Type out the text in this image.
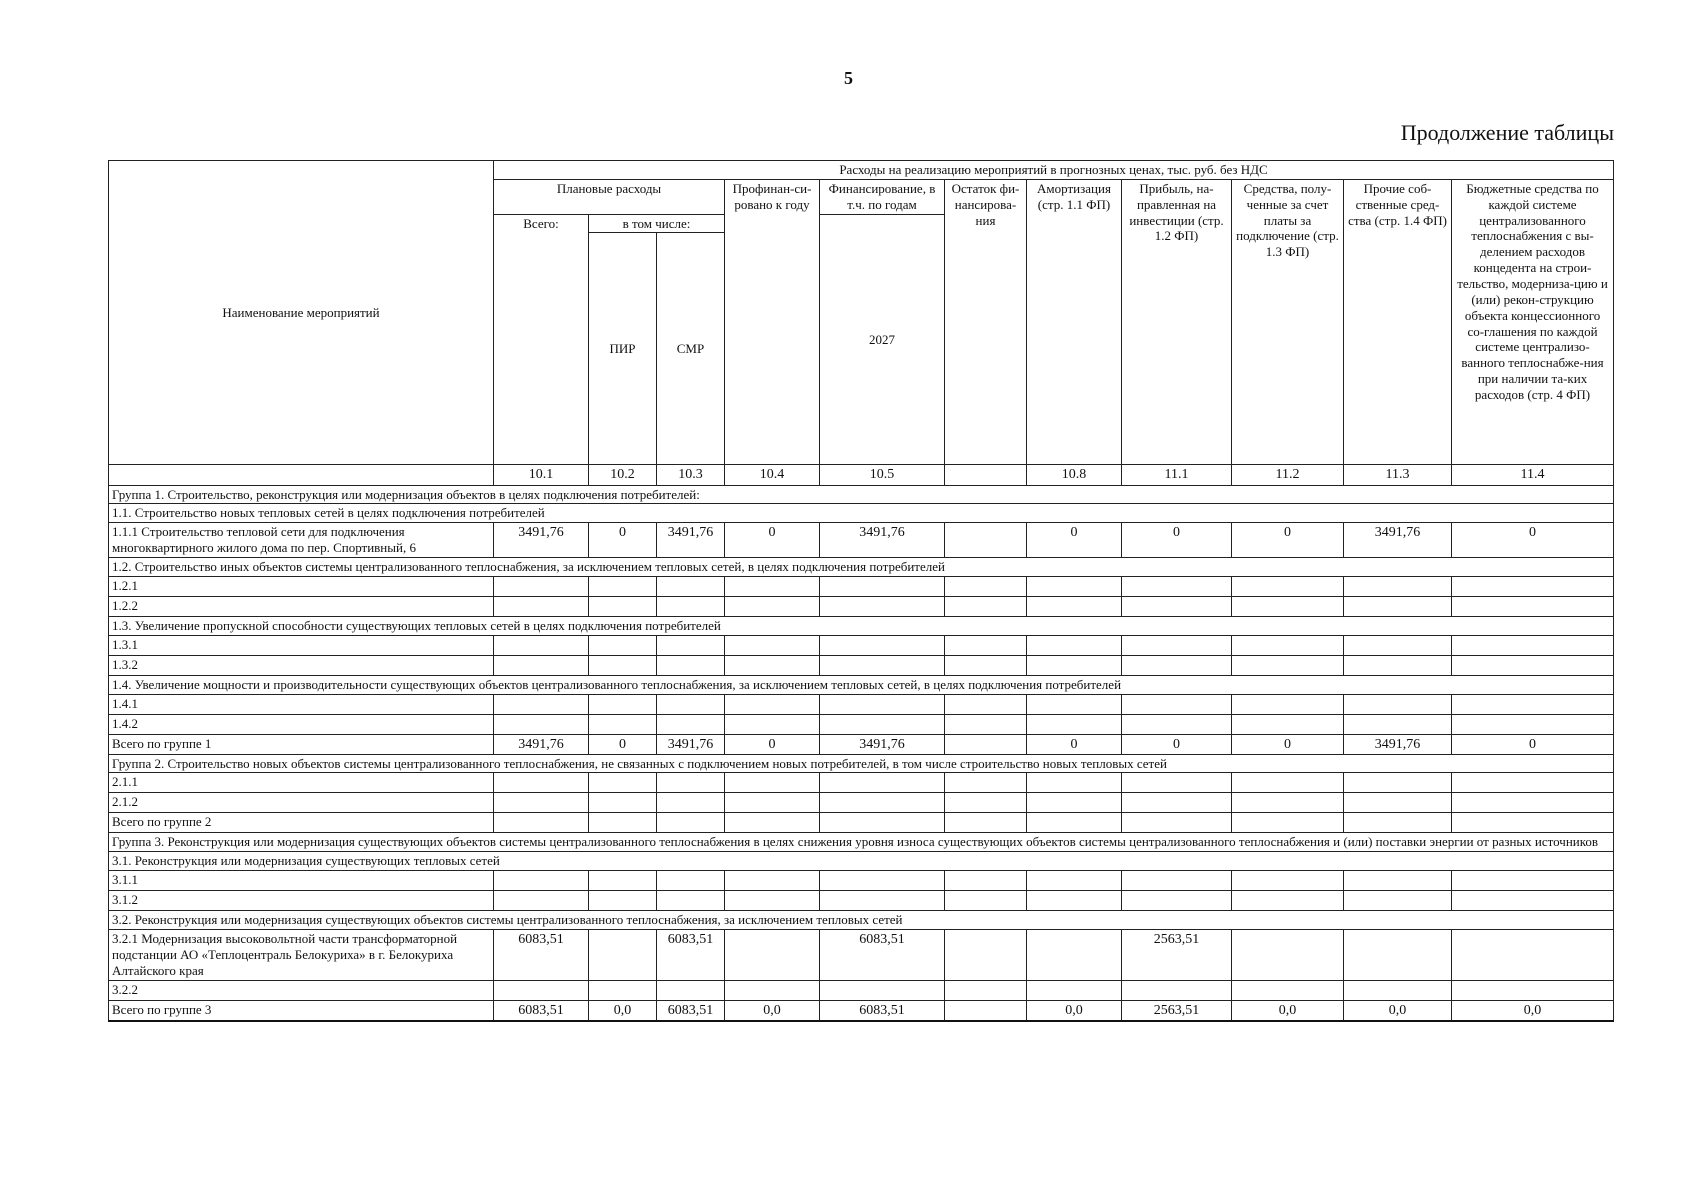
5
Продолжение таблицы
Наименование мероприятий	Расходы на реализацию мероприятий в прогнозных ценах, тыс. руб. без НДС											
	Плановые расходы			Профинан-си-ровано к году	Финансирование, в т.ч. по годам	Остаток фи-нансирова-ния	Амортизация (стр. 1.1 ФП)	Прибыль, на-правленная на инвестиции (стр. 1.2 ФП)	Средства, полу-ченные за счет платы за подключение (стр. 1.3 ФП)	Прочие соб-ственные сред-ства (стр. 1.4 ФП)	Бюджетные средства по каждой системе централизованного теплоснабжения с вы-делением расходов концедента на строи-тельство, модерниза-цию и (или) рекон-струкцию объекта концессионного со-глашения по каждой системе централизо-ванного теплоснабже-ния при наличии та-ких расходов (стр. 4 ФП)	
	Всего:	в том числе:			2027							
		ПИР	СМР									
	10.1	10.2	10.3	10.4	10.5		10.8	11.1	11.2	11.3	11.4	
Группа 1. Строительство, реконструкция или модернизация объектов в целях подключения потребителей:												
1.1. Строительство новых тепловых сетей в целях подключения потребителей												
1.1.1 Строительство тепловой сети для подключения многоквартирного жилого дома по пер. Спортивный, 6	3491,76	0	3491,76	0	3491,76		0	0	0	3491,76	0	
1.2. Строительство иных объектов системы централизованного теплоснабжения, за исключением тепловых сетей, в целях подключения потребителей												
1.2.1												
1.2.2												
1.3. Увеличение пропускной способности существующих тепловых сетей в целях подключения потребителей												
1.3.1												
1.3.2												
1.4. Увеличение мощности и производительности существующих объектов централизованного теплоснабжения, за исключением тепловых сетей, в целях подключения потребителей												
1.4.1												
1.4.2												
Всего по группе 1	3491,76	0	3491,76	0	3491,76		0	0	0	3491,76	0	
Группа 2. Строительство новых объектов системы централизованного теплоснабжения, не связанных с подключением новых потребителей, в том числе строительство новых тепловых сетей												
2.1.1												
2.1.2												
Всего по группе 2												
Группа 3. Реконструкция или модернизация существующих объектов системы централизованного теплоснабжения в целях снижения уровня износа существующих объектов системы централизованного теплоснабжения и (или) поставки энергии от разных источников												
3.1. Реконструкция или модернизация существующих тепловых сетей												
3.1.1												
3.1.2												
3.2. Реконструкция или модернизация существующих объектов системы централизованного теплоснабжения, за исключением тепловых сетей												
3.2.1 Модернизация высоковольтной части трансформаторной подстанции АО «Теплоцентраль Белокуриха» в г. Белокуриха Алтайского края	6083,51		6083,51		6083,51			2563,51				
3.2.2												
Всего по группе 3	6083,51	0,0	6083,51	0,0	6083,51		0,0	2563,51	0,0	0,0	0,0	
